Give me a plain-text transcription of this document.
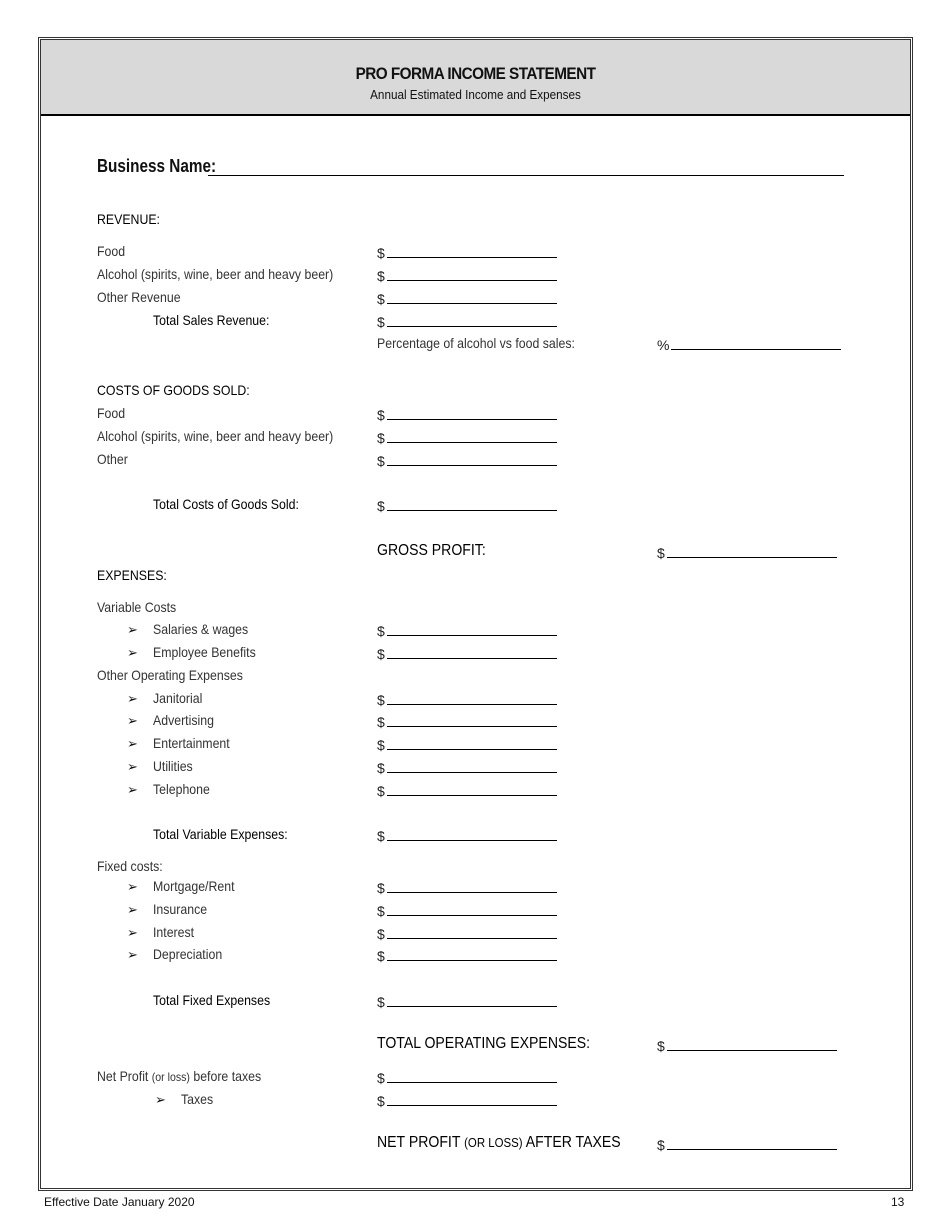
PRO FORMA INCOME STATEMENT
Annual Estimated Income and Expenses
Business Name:
REVENUE:
Food	$
Alcohol (spirits, wine, beer and heavy beer)	$
Other Revenue	$
Total Sales Revenue:	$
Percentage of alcohol vs food sales:	%
COSTS OF GOODS SOLD:
Food	$
Alcohol (spirits, wine, beer and heavy beer)	$
Other	$
Total Costs of Goods Sold:	$
GROSS PROFIT:	$
EXPENSES:
Variable Costs
➢ Salaries & wages	$
➢ Employee Benefits	$
Other Operating Expenses
➢ Janitorial	$
➢ Advertising	$
➢ Entertainment	$
➢ Utilities	$
➢ Telephone	$
Total Variable Expenses:	$
Fixed costs:
➢ Mortgage/Rent	$
➢ Insurance	$
➢ Interest	$
➢ Depreciation	$
Total Fixed Expenses	$
TOTAL OPERATING EXPENSES:	$
Net Profit (or loss) before taxes	$
➢ Taxes	$
NET PROFIT (OR LOSS) AFTER TAXES	$
Effective Date January 2020	13
